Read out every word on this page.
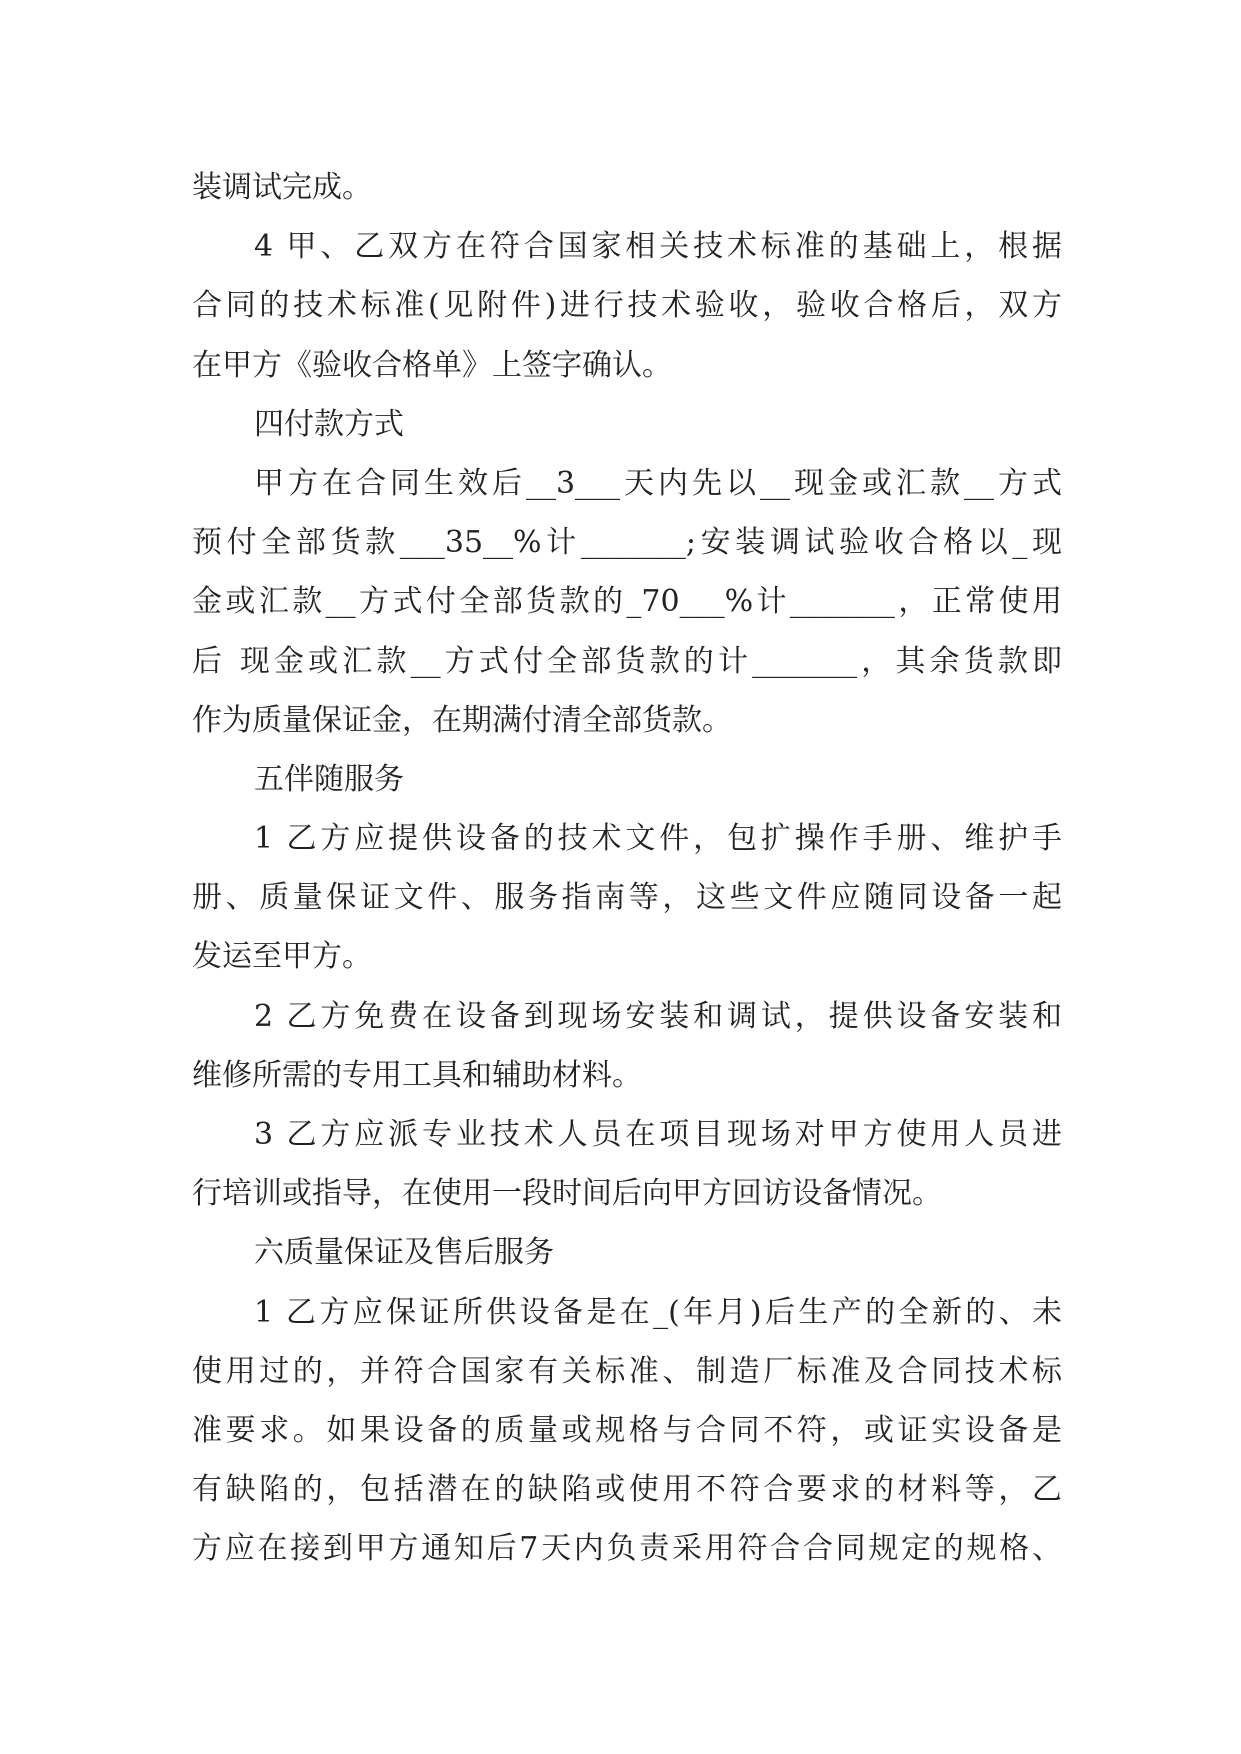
装调试完成。
4 甲、乙双方在符合国家相关技术标准的基础上，根据
合同的技术标准(见附件)进行技术验收，验收合格后，双方
在甲方《验收合格单》上签字确认。
四付款方式
甲方在合同生效后__3___天内先以__现金或汇款__方式
预付全部货款___35__%计_______;安装调试验收合格以_现
金或汇款__方式付全部货款的_70___%计_______，正常使用
后 现金或汇款__方式付全部货款的计_______，其余货款即
作为质量保证金，在期满付清全部货款。
五伴随服务
1 乙方应提供设备的技术文件，包扩操作手册、维护手
册、质量保证文件、服务指南等，这些文件应随同设备一起
发运至甲方。
2 乙方免费在设备到现场安装和调试，提供设备安装和
维修所需的专用工具和辅助材料。
3 乙方应派专业技术人员在项目现场对甲方使用人员进
行培训或指导，在使用一段时间后向甲方回访设备情况。
六质量保证及售后服务
1 乙方应保证所供设备是在_(年月)后生产的全新的、未
使用过的，并符合国家有关标准、制造厂标准及合同技术标
准要求。如果设备的质量或规格与合同不符，或证实设备是
有缺陷的，包括潜在的缺陷或使用不符合要求的材料等，乙
方应在接到甲方通知后7天内负责采用符合合同规定的规格、
